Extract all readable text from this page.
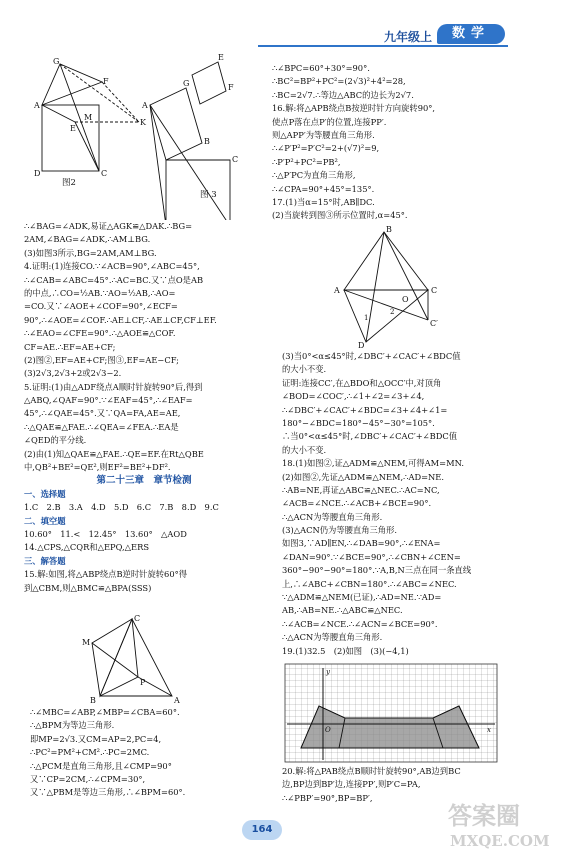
九年级上	数学
G
F
A
M
E
K
D	C
图2
G	F
B
E
A
C
图 3
∴∠BAG=∠ADK,易证△AGK≌△DAK.∴BG=
2AM,∠BAG=∠ADK,∴AM⊥BG.
(3)如图3所示,BG=2AM,AM⊥BG.
4.证明:(1)连接CO.∵∠ACB=90°,∠ABC=45°,
∴∠CAB=∠ABC=45°.∴AC=BC.又∵点O是AB
的中点,∴CO=½AB.∵AO=½AB,∴AO=
=CO.又∵∠AOE+∠COF=90°,∠ECF=
90°,∴∠AOE=∠COF.∴AE⊥CF,∴AE⊥CF,CF⊥EF.
∴∠EAO=∠CFE=90°.∴△AOE≌△COF.
CF=AE.∴EF=AE+CF;
(2)图②,EF=AE+CF;图③,EF=AE−CF;
(3)2√3,2√3+2或2√3−2.
5.证明:(1)由△ADF绕点A顺时针旋转90°后,得到
△ABQ,∠QAF=90°.∵∠EAF=45°,∴∠EAF=
45°,∴∠QAE=45°.又∵QA=FA,AE=AE,
∴△QAE≌△FAE.∴∠QEA=∠FEA.∴EA是
∠QED的平分线.
(2)由(1)知△QAE≌△FAE.∴QE=EF.在Rt△QBE
中,QB²+BE²=QE²,则EF²=BE²+DF².
第二十三章　章节检测
一、选择题
1.C　2.B　3.A　4.D　5.D　6.C　7.B　8.D　9.C
二、填空题
10.60°　11.<　12.45°　13.60°　△AOD
14.△CPS,△CQR和△EPQ,△ERS
三、解答题
15.解:如图,将△ABP绕点B逆时针旋转60°得
到△CBM,则△BMC≌△BPA(SSS)
C
M
P
B	A
∴∠MBC=∠ABP,∠MBP=∠CBA=60°.
∴△BPM为等边三角形.
即MP=2√3.又CM=AP=2,PC=4,
∴PC²=PM²+CM².∴PC=2MC.
∴△PCM是直角三角形,且∠CMP=90°
又∵CP=2CM,∴∠CPM=30°,
又∵△PBM是等边三角形,∴∠BPM=60°.
∴∠BPC=60°+30°=90°.
∴BC²=BP²+PC²=(2√3)²+4²=28,
∴BC=2√7.∴等边△ABC的边长为2√7.
16.解:将△APB绕点B按逆时针方向旋转90°,
使点P落在点P′的位置,连接PP′.
则△APP′为等腰直角三角形.
∴∠P′P²=P′C²=2+(√7)²=9,
∴P′P²+PC²=PB²,
∴△P′PC为直角三角形,
∴∠CPA=90°+45°=135°.
17.(1)当α=15°时,AB∥DC.
(2)当旋转到图③所示位置时,α=45°.
B
A	C
O
2
1
C′
D
(3)当0°<α≤45°时,∠DBC′+∠CAC′+∠BDC值
的大小不变.
证明:连接CC′,在△BDO和△OCC′中,对顶角
∠BOD=∠COC′,∴∠1+∠2=∠3+∠4,
∴∠DBC′+∠CAC′+∠BDC=∠3+∠4+∠1=
180°−∠BDC=180°−45°−30°=105°.
∴当0°<α≤45°时,∠DBC′+∠CAC′+∠BDC值
的大小不变.
18.(1)如图②,证△ADM≌△NEM,可得AM=MN.
(2)如图②,先证△ADM≌△NEM,∴AD=NE.
∴AB=NE,再证△ABC≌△NEC.∴AC=NC,
∠ACB=∠NCE.∴∠ACB+∠BCE=90°.
∴△ACN为等腰直角三角形.
(3)△ACN仍为等腰直角三角形.
如图3,∵AD∥EN,∴∠DAB=90°,∴∠ENA=
∠DAN=90°.∵∠BCE=90°,∴∠CBN+∠CEN=
360°−90°−90°=180°.∵A,B,N三点在同一条直线
上,∴∠ABC+∠CBN=180°.∴∠ABC=∠NEC.
∵△ADM≌△NEM(已证),∴AD=NE.∵AD=
AB,∴AB=NE.∴△ABC≌△NEC.
∴∠ACB=∠NCE.∴∠ACN=∠BCE=90°.
∴△ACN为等腰直角三角形.
19.(1)32.5　(2)如图　(3)(−4,1)
y
x
O
20.解:将△PAB绕点B顺时针旋转90°,AB边到BC
边,BP边到BP′边,连接PP′,则P′C=PA,
∴∠PBP′=90°,BP=BP′,
164	答案圈
MXQE.COM
